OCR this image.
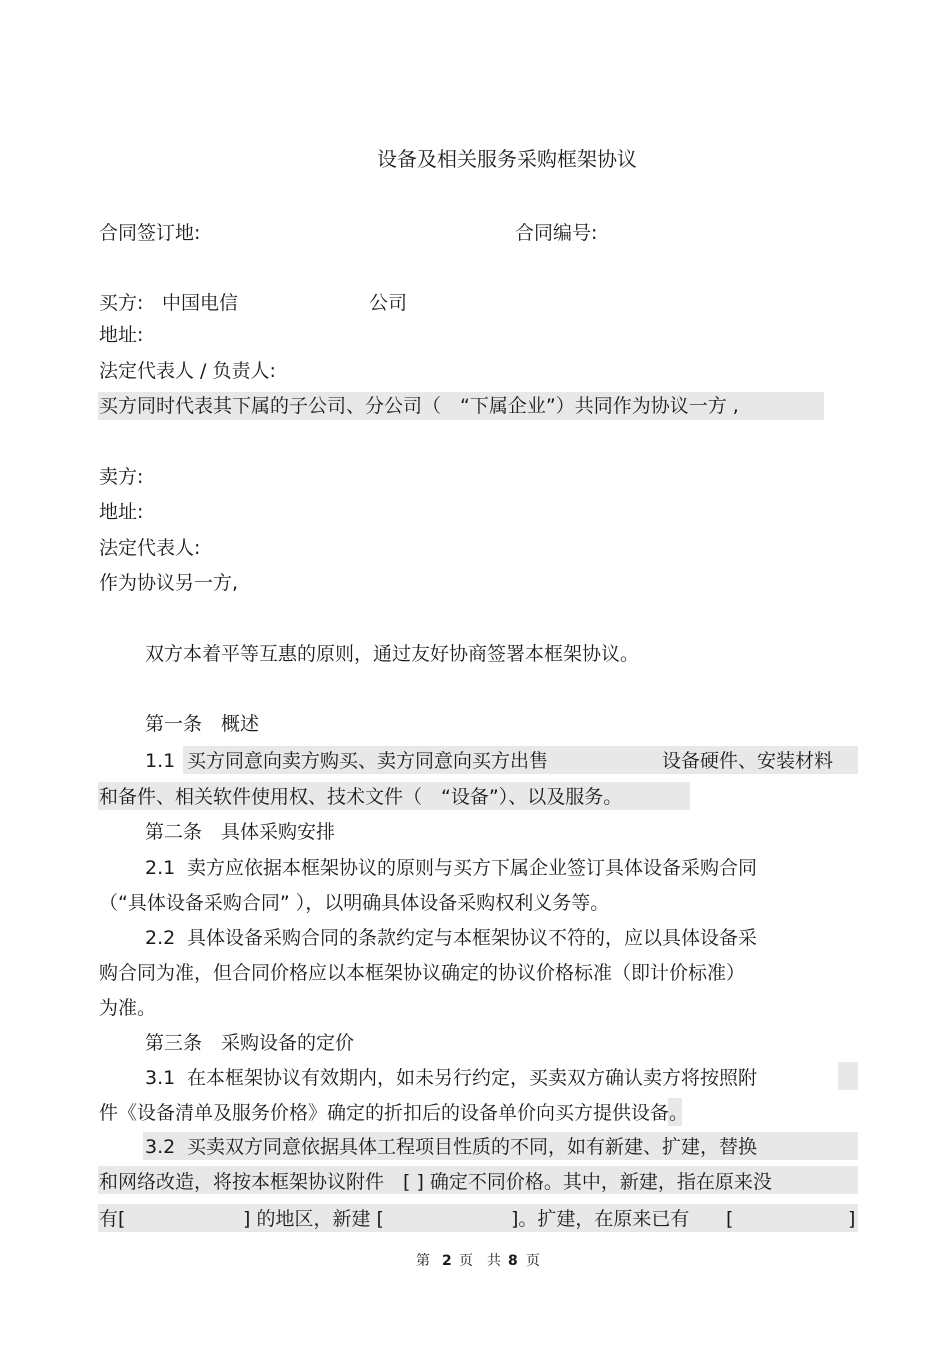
设备及相关服务采购框架协议
合同签订地:	合同编号:
买方: 中国电信	公司
地址:
法定代表人 / 负责人:
买方同时代表其下属的子公司、分公司（　“下属企业”）共同作为协议一方 ,
卖方:
地址:
法定代表人:
作为协议另一方,
双方本着平等互惠的原则，通过友好协商签署本框架协议。
第一条　概述
1.1 买方同意向卖方购买、卖方同意向买方出售	设备硬件、安装材料
和备件、相关软件使用权、技术文件（　“设备”）、以及服务。
第二条　具体采购安排
2.1 卖方应依据本框架协议的原则与买方下属企业签订具体设备采购合同
（“具体设备采购合同” ），以明确具体设备采购权利义务等。
2.2 具体设备采购合同的条款约定与本框架协议不符的，应以具体设备采
购合同为准，但合同价格应以本框架协议确定的协议价格标准（即计价标准）
为准。
第三条　采购设备的定价
3.1 在本框架协议有效期内，如未另行约定，买卖双方确认卖方将按照附
件《设备清单及服务价格》确定的折扣后的设备单价向买方提供设备。
3.2 买卖双方同意依据具体工程项目性质的不同，如有新建、扩建，替换
和网络改造，将按本框架协议附件　[ ] 确定不同价格。其中，新建，指在原来没
有[	] 的地区，新建 [	]。扩建，在原来已有 [	]
第 2 页　共 8 页
